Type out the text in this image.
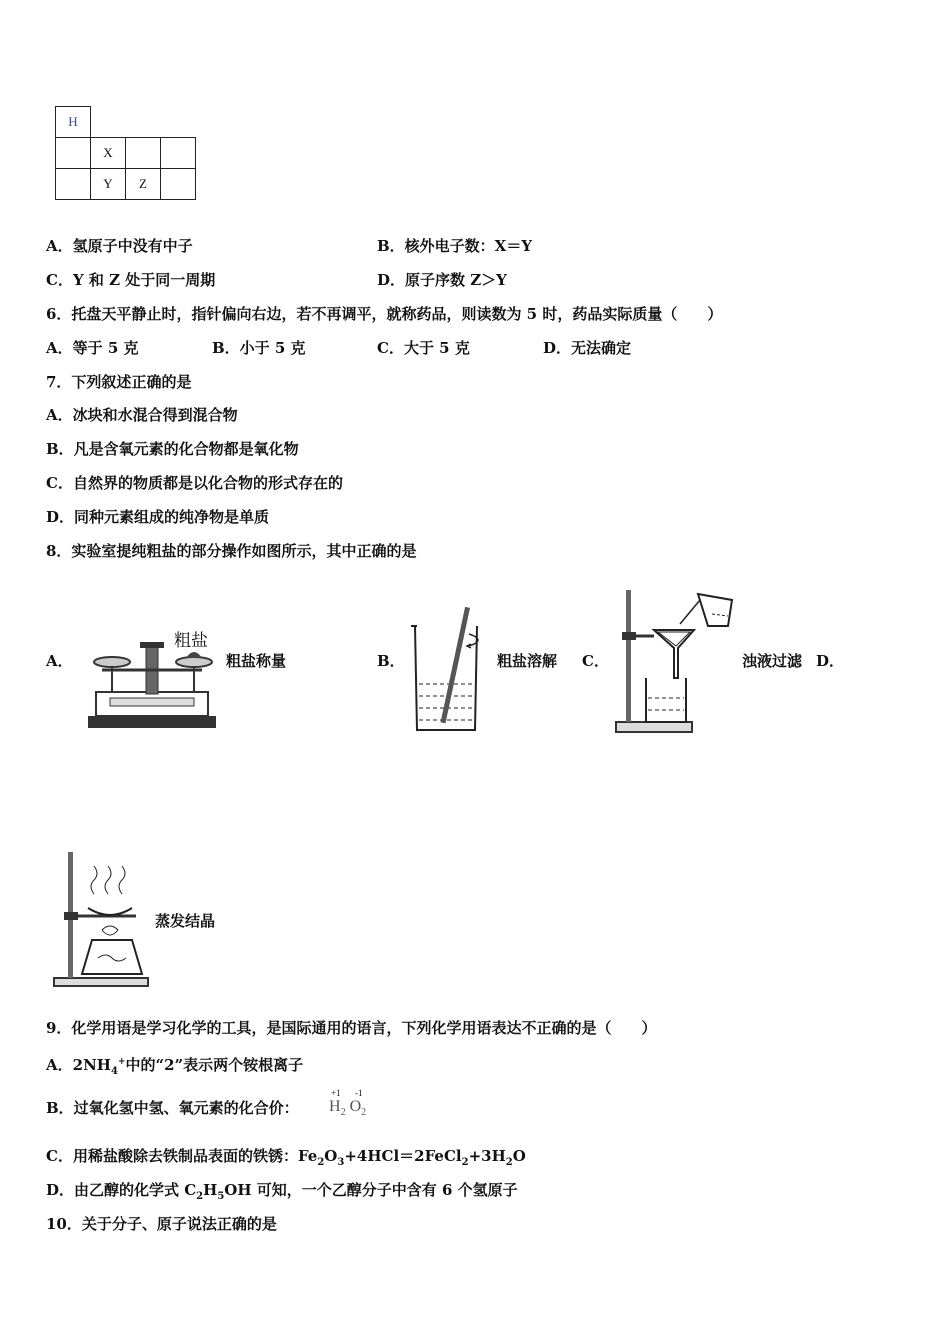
H			
	X		
	Y	Z	
A．氢原子中没有中子	B．核外电子数：X＝Y
C．Y 和 Z 处于同一周期	D．原子序数 Z＞Y
6．托盘天平静止时，指针偏向右边，若不再调平，就称药品，则读数为 5 时，药品实际质量（　　）
A．等于 5 克	B．小于 5 克	C．大于 5 克	D．无法确定
7．下列叙述正确的是
A．冰块和水混合得到混合物
B．凡是含氧元素的化合物都是氧化物
C．自然界的物质都是以化合物的形式存在的
D．同种元素组成的纯净物是单质
8．实验室提纯粗盐的部分操作如图所示，其中正确的是
A．
粗盐
粗盐称量	B．	粗盐溶解 C．	浊液过滤 D．
蒸发结晶
9．化学用语是学习化学的工具，是国际通用的语言，下列化学用语表达不正确的是（　　）
A．$2NH_4^+$中的“2”表示两个铵根离子
B．过氧化氢中氢、氧元素的化合价：
+1 -1
$H_2$ $O_2$
C．用稀盐酸除去铁制品表面的铁锈：$Fe_2O_3+4HCl=2FeCl_2+3H_2O$
D．由乙醇的化学式 $C_2H_5OH$ 可知，一个乙醇分子中含有 6 个氢原子
10．关于分子、原子说法正确的是
